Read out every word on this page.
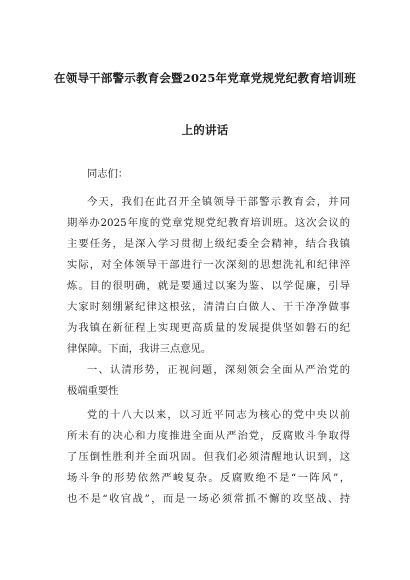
在领导干部警示教育会暨2025年党章党规党纪教育培训班
上的讲话
同志们：
今天，我们在此召开全镇领导干部警示教育会，并同
期举办2025年度的党章党规党纪教育培训班。这次会议的
主要任务，是深入学习贯彻上级纪委全会精神，结合我镇
实际，对全体领导干部进行一次深刻的思想洗礼和纪律淬
炼。目的很明确，就是要通过以案为鉴、以学促廉，引导
大家时刻绷紧纪律这根弦，清清白白做人、干干净净做事
为我镇在新征程上实现更高质量的发展提供坚如磐石的纪
律保障。下面，我讲三点意见。
一、认清形势，正视问题，深刻领会全面从严治党的
极端重要性
党的十八大以来，以习近平同志为核心的党中央以前
所未有的决心和力度推进全面从严治党，反腐败斗争取得
了压倒性胜利并全面巩固。但我们必须清醒地认识到，这
场斗争的形势依然严峻复杂。反腐败绝不是“一阵风”，
也不是“收官战”，而是一场必须常抓不懈的攻坚战、持
